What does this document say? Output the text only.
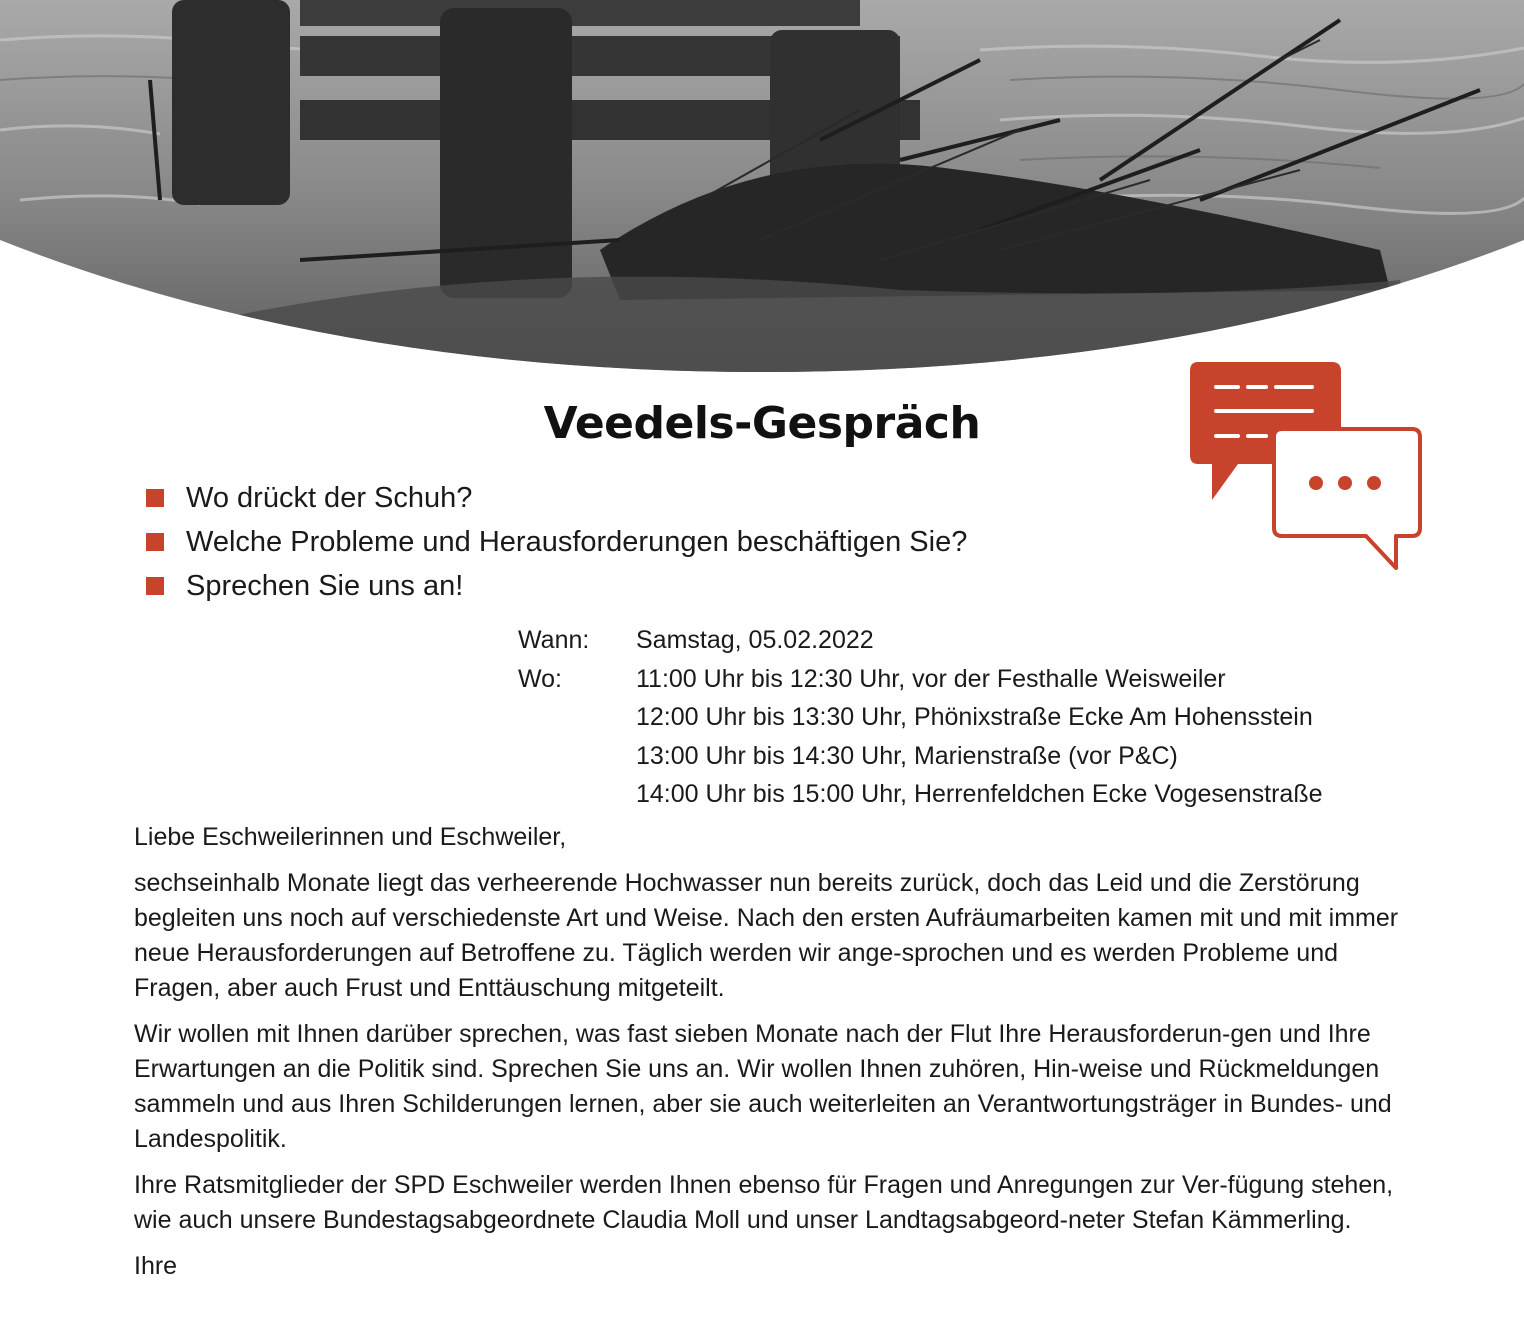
Veedels-Gespräch
Wo drückt der Schuh?
Welche Probleme und Herausforderungen beschäftigen Sie?
Sprechen Sie uns an!
Wann:	Samstag, 05.02.2022
Wo:	11:00 Uhr bis 12:30 Uhr, vor der Festhalle Weisweiler
12:00 Uhr bis 13:30 Uhr, Phönixstraße Ecke Am Hohensstein
13:00 Uhr bis 14:30 Uhr, Marienstraße (vor P&C)
14:00 Uhr bis 15:00 Uhr, Herrenfeldchen Ecke Vogesenstraße

Liebe Eschweilerinnen und Eschweiler,

sechseinhalb Monate liegt das verheerende Hochwasser nun bereits zurück, doch das Leid und die Zerstörung begleiten uns noch auf verschiedenste Art und Weise. Nach den ersten Aufräumarbeiten kamen mit und mit immer neue Herausforderungen auf Betroffene zu. Täglich werden wir ange-sprochen und es werden Probleme und Fragen, aber auch Frust und Enttäuschung mitgeteilt.

Wir wollen mit Ihnen darüber sprechen, was fast sieben Monate nach der Flut Ihre Herausforderun-gen und Ihre Erwartungen an die Politik sind. Sprechen Sie uns an. Wir wollen Ihnen zuhören, Hin-weise und Rückmeldungen sammeln und aus Ihren Schilderungen lernen, aber sie auch weiterleiten an Verantwortungsträger in Bundes- und Landespolitik.

Ihre Ratsmitglieder der SPD Eschweiler werden Ihnen ebenso für Fragen und Anregungen zur Ver-fügung stehen, wie auch unsere Bundestagsabgeordnete Claudia Moll und unser Landtagsabgeord-neter Stefan Kämmerling.

Ihre
